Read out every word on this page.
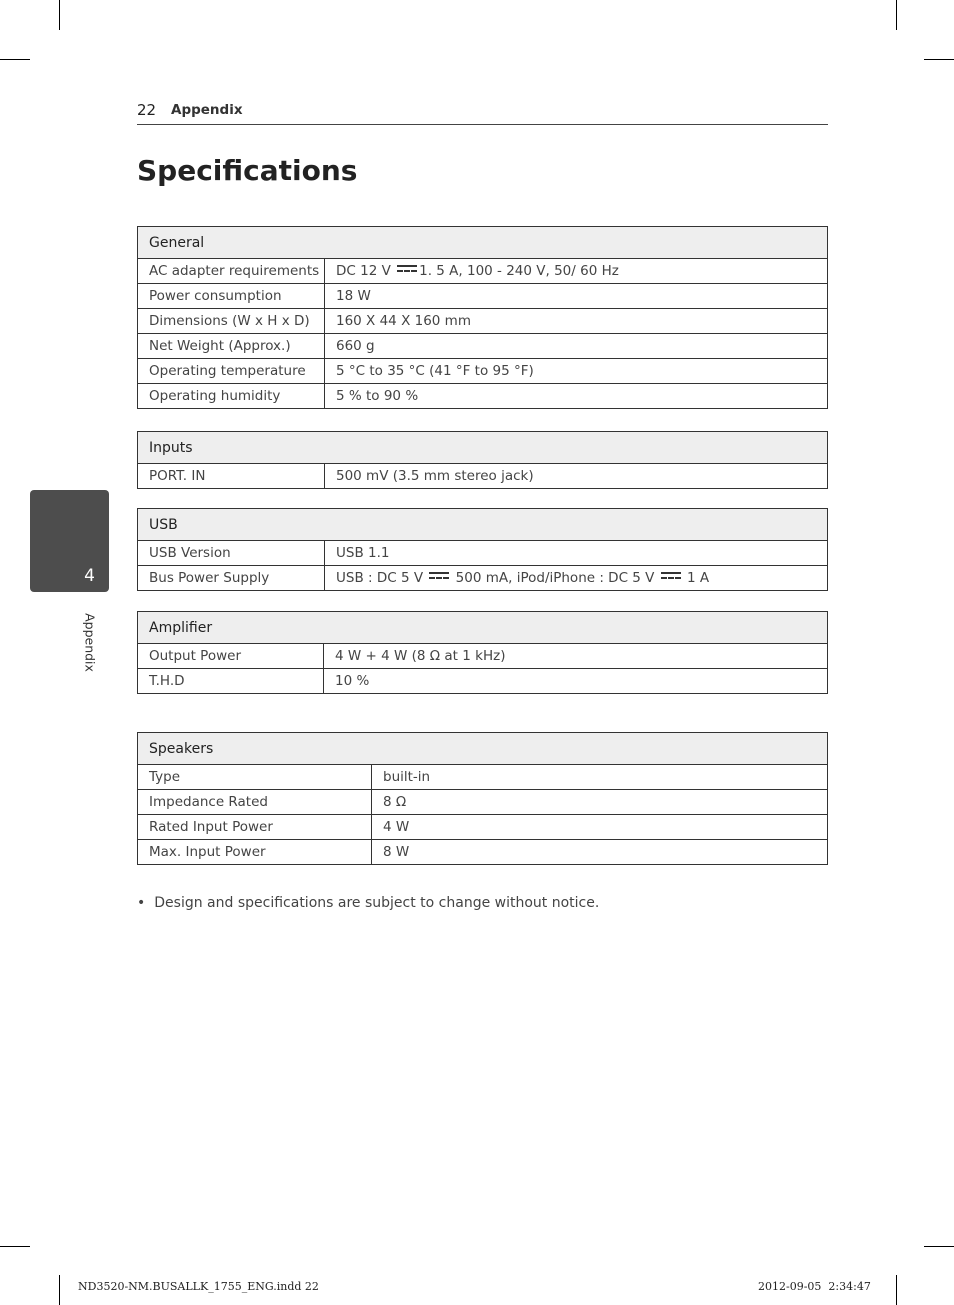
22 Appendix
Specifications
4
Appendix
General	
AC adapter requirements	DC 12 V 1. 5 A, 100 - 240 V, 50/ 60 Hz
Power consumption	18 W
Dimensions (W x H x D)	160 X 44 X 160 mm
Net Weight (Approx.)	660 g
Operating temperature	5 °C to 35 °C (41 °F to 95 °F)
Operating humidity	5 % to 90 %
Inputs
PORT. IN	500 mV (3.5 mm stereo jack)
USB	
USB Version	USB 1.1
Bus Power Supply	USB : DC 5 V 500 mA, iPod/iPhone : DC 5 V 1 A
Amplifier	
Output Power	4 W + 4 W (8 Ω at 1 kHz)
T.H.D	10 %
Speakers	
Type	built-in
Impedance Rated	8 Ω
Rated Input Power	4 W
Max. Input Power	8 W
• Design and specifications are subject to change without notice.
ND3520-NM.BUSALLK_1755_ENG.indd 22	2012-09-05 ￼￼ 2:34:47
